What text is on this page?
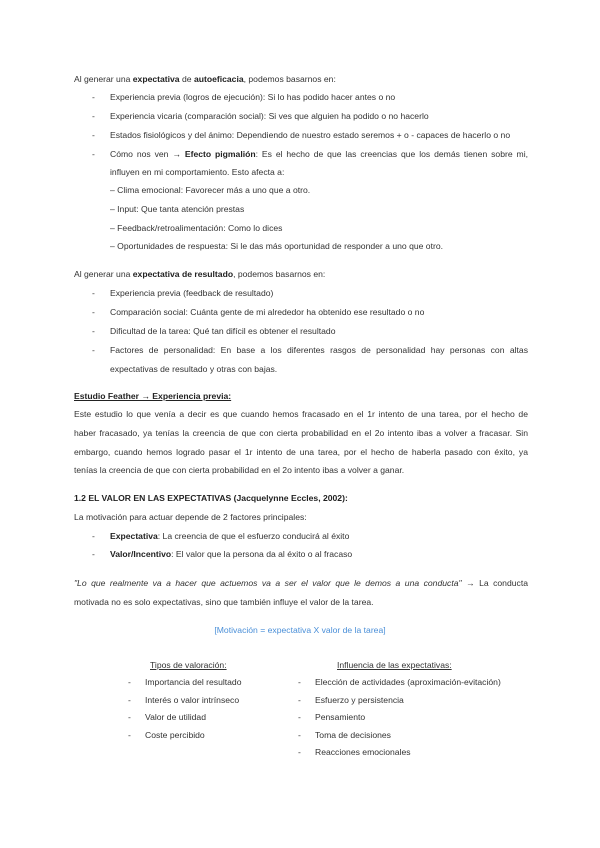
Al generar una expectativa de autoeficacia, podemos basarnos en:
- Experiencia previa (logros de ejecución): Si lo has podido hacer antes o no
- Experiencia vicaria (comparación social): Si ves que alguien ha podido o no hacerlo
- Estados fisiológicos y del ánimo: Dependiendo de nuestro estado seremos + o - capaces de hacerlo o no
- Cómo nos ven → Efecto pigmalión: Es el hecho de que las creencias que los demás tienen sobre mi,
influyen en mi comportamiento. Esto afecta a:
– Clima emocional: Favorecer más a uno que a otro.
– Input: Que tanta atención prestas
– Feedback/retroalimentación: Como lo dices
– Oportunidades de respuesta: Si le das más oportunidad de responder a uno que otro.
Al generar una expectativa de resultado, podemos basarnos en:
- Experiencia previa (feedback de resultado)
- Comparación social: Cuánta gente de mi alrededor ha obtenido ese resultado o no
- Dificultad de la tarea: Qué tan difícil es obtener el resultado
- Factores de personalidad: En base a los diferentes rasgos de personalidad hay personas con altas
expectativas de resultado y otras con bajas.
Estudio Feather → Experiencia previa:
Este estudio lo que venía a decir es que cuando hemos fracasado en el 1r intento de una tarea, por el hecho de
haber fracasado, ya tenías la creencia de que con cierta probabilidad en el 2o intento ibas a volver a fracasar. Sin
embargo, cuando hemos logrado pasar el 1r intento de una tarea, por el hecho de haberla pasado con éxito, ya
tenías la creencia de que con cierta probabilidad en el 2o intento ibas a volver a ganar.
1.2 EL VALOR EN LAS EXPECTATIVAS (Jacquelynne Eccles, 2002):
La motivación para actuar depende de 2 factores principales:
- Expectativa: La creencia de que el esfuerzo conducirá al éxito
- Valor/Incentivo: El valor que la persona da al éxito o al fracaso
"Lo que realmente va a hacer que actuemos va a ser el valor que le demos a una conducta" → La conducta
motivada no es solo expectativas, sino que también influye el valor de la tarea.
[Motivación = expectativa X valor de la tarea]
Tipos de valoración:
- Importancia del resultado
- Interés o valor intrínseco
- Valor de utilidad
- Coste percibido
Influencia de las expectativas:
- Elección de actividades (aproximación-evitación)
- Esfuerzo y persistencia
- Pensamiento
- Toma de decisiones
- Reacciones emocionales
